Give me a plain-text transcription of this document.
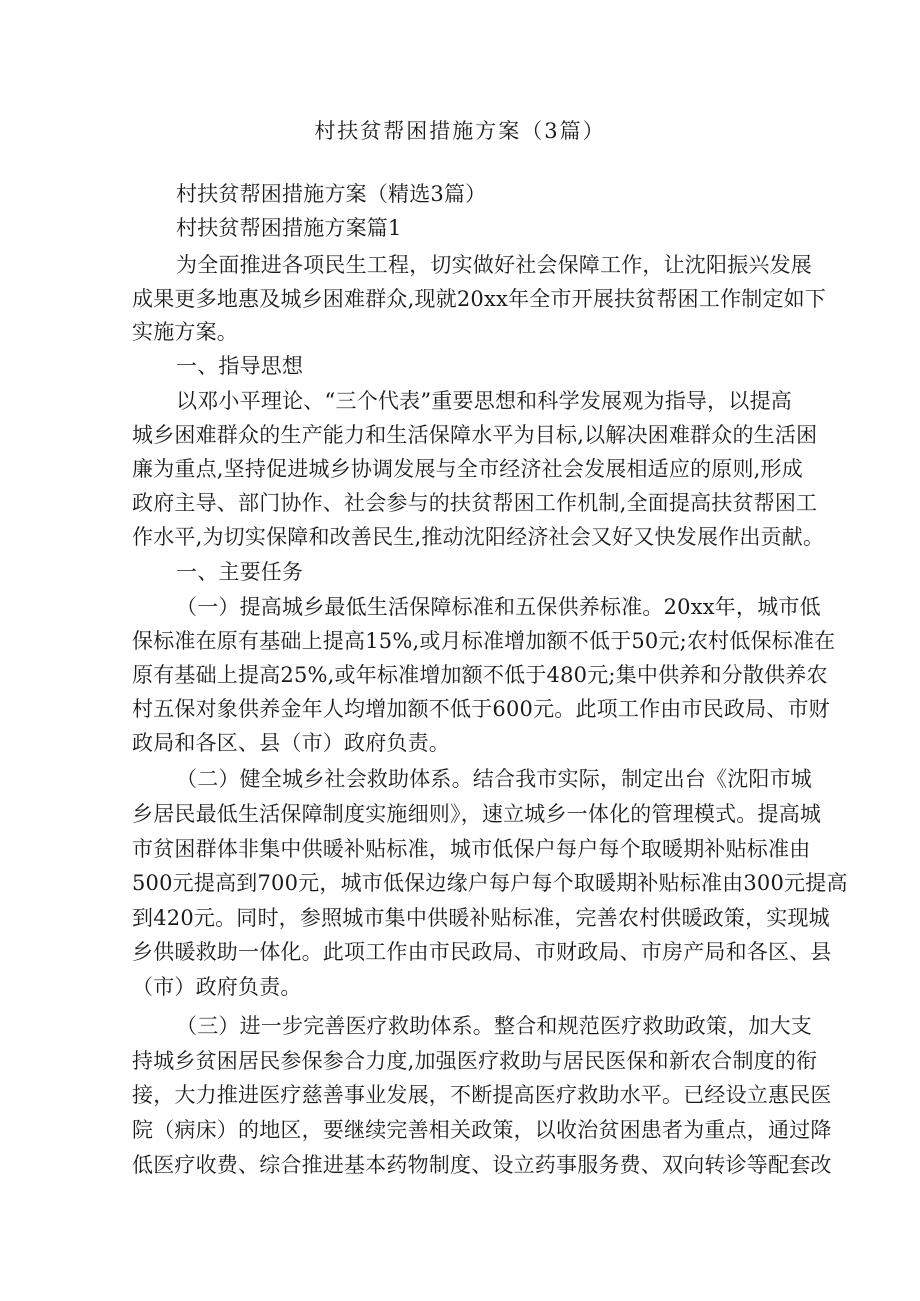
村扶贫帮困措施方案（3篇）
村扶贫帮困措施方案（精选3篇）
村扶贫帮困措施方案篇1
为全面推进各项民生工程，切实做好社会保障工作，让沈阳振兴发展
成果更多地惠及城乡困难群众,现就20xx年全市开展扶贫帮困工作制定如下
实施方案。
一、指导思想
以邓小平理论、“三个代表”重要思想和科学发展观为指导，以提高
城乡困难群众的生产能力和生活保障水平为目标,以解决困难群众的生活困
廉为重点,坚持促进城乡协调发展与全市经济社会发展相适应的原则,形成
政府主导、部门协作、社会参与的扶贫帮困工作机制,全面提高扶贫帮困工
作水平,为切实保障和改善民生,推动沈阳经济社会又好又快发展作出贡献。
一、主要任务
（一）提高城乡最低生活保障标准和五保供养标准。20xx年，城市低
保标准在原有基础上提高15%,或月标准增加额不低于50元;农村低保标准在
原有基础上提高25%,或年标准增加额不低于480元;集中供养和分散供养农
村五保对象供养金年人均增加额不低于600元。此项工作由市民政局、市财
政局和各区、县（市）政府负责。
（二）健全城乡社会救助体系。结合我市实际，制定出台《沈阳市城
乡居民最低生活保障制度实施细则》，速立城乡一体化的管理模式。提高城
市贫困群体非集中供暖补贴标准，城市低保户每户每个取暖期补贴标准由
500元提高到700元，城市低保边缘户每户每个取暖期补贴标准由300元提高
到420元。同时，参照城市集中供暖补贴标准，完善农村供暖政策，实现城
乡供暖救助一体化。此项工作由市民政局、市财政局、市房产局和各区、县
（市）政府负责。
（三）进一步完善医疗救助体系。整合和规范医疗救助政策，加大支
持城乡贫困居民参保参合力度,加强医疗救助与居民医保和新农合制度的衔
接，大力推进医疗慈善事业发展，不断提高医疗救助水平。已经设立惠民医
院（病床）的地区，要继续完善相关政策，以收治贫困患者为重点，通过降
低医疗收费、综合推进基本药物制度、设立药事服务费、双向转诊等配套改
